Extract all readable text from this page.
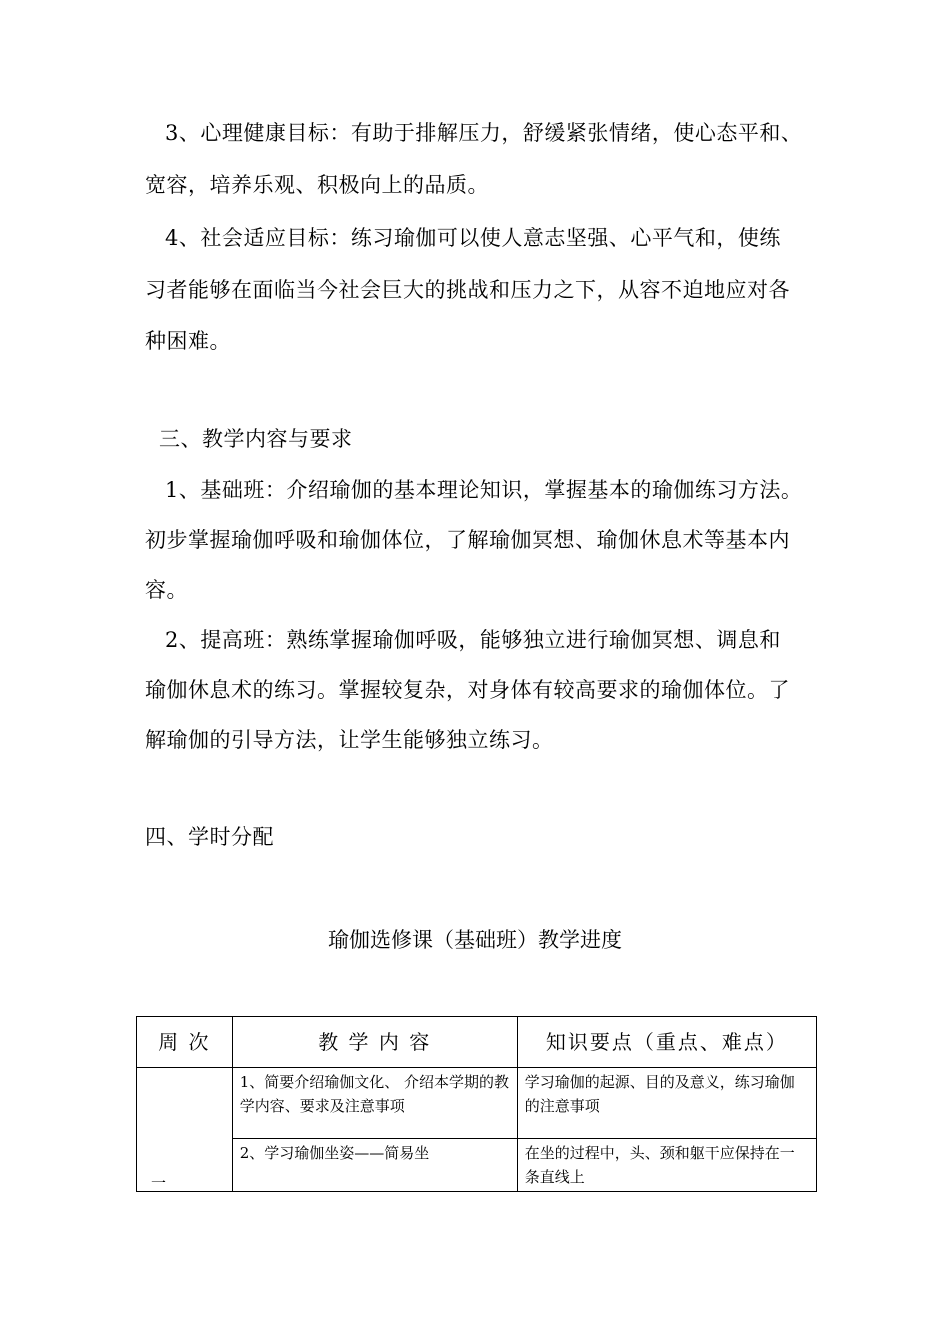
3、心理健康目标：有助于排解压力，舒缓紧张情绪，使心态平和、
宽容，培养乐观、积极向上的品质。
4、社会适应目标：练习瑜伽可以使人意志坚强、心平气和，使练
习者能够在面临当今社会巨大的挑战和压力之下，从容不迫地应对各
种困难。
三、教学内容与要求
1、基础班：介绍瑜伽的基本理论知识，掌握基本的瑜伽练习方法。
初步掌握瑜伽呼吸和瑜伽体位，了解瑜伽冥想、瑜伽休息术等基本内
容。
2、提高班：熟练掌握瑜伽呼吸，能够独立进行瑜伽冥想、调息和
瑜伽休息术的练习。掌握较复杂，对身体有较高要求的瑜伽体位。了
解瑜伽的引导方法，让学生能够独立练习。
四、学时分配
瑜伽选修课（基础班）教学进度
周 次	教 学 内 容	知识要点（重点、难点）

一	1、简要介绍瑜伽文化、 介绍本学期的教学内容、要求及注意事项	学习瑜伽的起源、目的及意义，练习瑜伽的注意事项
	2、学习瑜伽坐姿——简易坐	在坐的过程中，头、颈和躯干应保持在一条直线上
